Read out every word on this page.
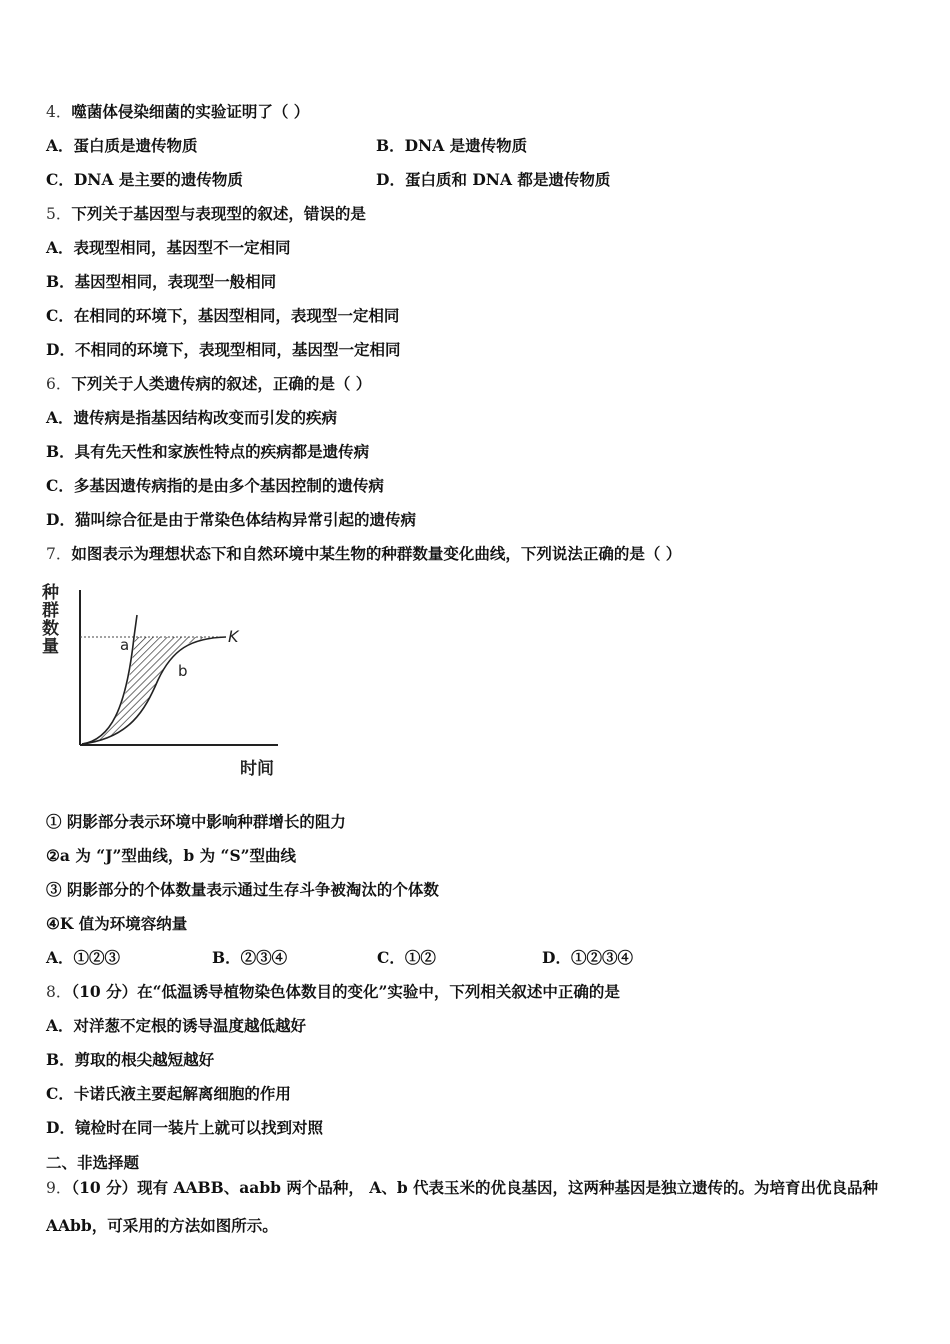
4．噬菌体侵染细菌的实验证明了（ ）
A．蛋白质是遗传物质	B．DNA 是遗传物质
C．DNA 是主要的遗传物质	D．蛋白质和 DNA 都是遗传物质
5．下列关于基因型与表现型的叙述，错误的是
A．表现型相同，基因型不一定相同
B．基因型相同，表现型一般相同
C．在相同的环境下，基因型相同，表现型一定相同
D．不相同的环境下，表现型相同，基因型一定相同
6．下列关于人类遗传病的叙述，正确的是（ ）
A．遗传病是指基因结构改变而引发的疾病
B．具有先天性和家族性特点的疾病都是遗传病
C．多基因遗传病指的是由多个基因控制的遗传病
D．猫叫综合征是由于常染色体结构异常引起的遗传病
7．如图表示为理想状态下和自然环境中某生物的种群数量变化曲线，下列说法正确的是（ ）
种
群
数
量
K
a
b
时间
① 阴影部分表示环境中影响种群增长的阻力
②a 为 “J”型曲线，b 为 “S”型曲线
③ 阴影部分的个体数量表示通过生存斗争被淘汰的个体数
④K 值为环境容纳量
A．①②③	B．②③④	C．①②	D．①②③④
8．（10 分）在“低温诱导植物染色体数目的变化”实验中，下列相关叙述中正确的是
A．对洋葱不定根的诱导温度越低越好
B．剪取的根尖越短越好
C．卡诺氏液主要起解离细胞的作用
D．镜检时在同一装片上就可以找到对照
二、非选择题
9．（10 分）现有 AABB、aabb 两个品种， A、b 代表玉米的优良基因，这两种基因是独立遗传的。为培育出优良品种
AAbb，可采用的方法如图所示。
